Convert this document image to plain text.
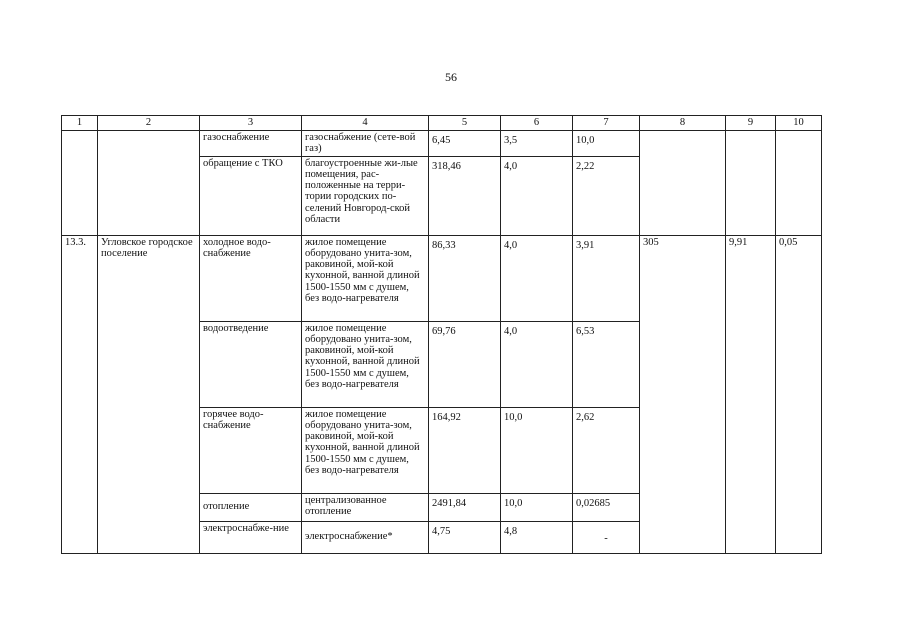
56
1	2	3	4	5	6	7	8	9	10
		газоснабжение	газоснабжение (сете-вой газ)	6,45	3,5	10,0			
		обращение с ТКО	благоустроенные жи-лые помещения, рас-положенные на терри-тории городских по-селений Новгород-ской области	318,46	4,0	2,22			
13.3.	Угловское городское поселение	холодное водо-снабжение	жилое помещение оборудовано унита-зом, раковиной, мой-кой кухонной, ванной длиной 1500-1550 мм с душем, без водо-нагревателя	86,33	4,0	3,91	305	9,91	0,05
		водоотведение	жилое помещение оборудовано унита-зом, раковиной, мой-кой кухонной, ванной длиной 1500-1550 мм с душем, без водо-нагревателя	69,76	4,0	6,53			
		горячее водо-снабжение	жилое помещение оборудовано унита-зом, раковиной, мой-кой кухонной, ванной длиной 1500-1550 мм с душем, без водо-нагревателя	164,92	10,0	2,62			
		отопление	централизованное отопление	2491,84	10,0	0,02685			
		электроснабже-ние	электроснабжение*	4,75	4,8	-			
